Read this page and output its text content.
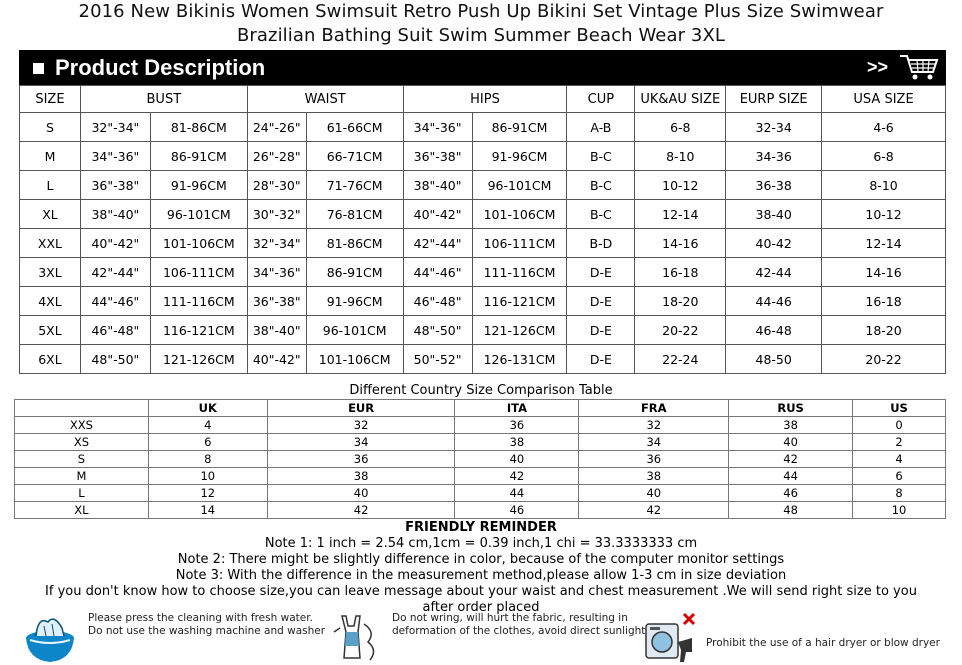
2016 New Bikinis Women Swimsuit Retro Push Up Bikini Set Vintage Plus Size Swimwear
Brazilian Bathing Suit Swim Summer Beach Wear 3XL
Product Description	>>
SIZE	BUST		WAIST		HIPS		CUP	UK&AU SIZE	EURP SIZE	USA SIZE
S	32"-34"	81-86CM	24"-26"	61-66CM	34"-36"	86-91CM	A-B	6-8	32-34	4-6
M	34"-36"	86-91CM	26"-28"	66-71CM	36"-38"	91-96CM	B-C	8-10	34-36	6-8
L	36"-38"	91-96CM	28"-30"	71-76CM	38"-40"	96-101CM	B-C	10-12	36-38	8-10
XL	38"-40"	96-101CM	30"-32"	76-81CM	40"-42"	101-106CM	B-C	12-14	38-40	10-12
XXL	40"-42"	101-106CM	32"-34"	81-86CM	42"-44"	106-111CM	B-D	14-16	40-42	12-14
3XL	42"-44"	106-111CM	34"-36"	86-91CM	44"-46"	111-116CM	D-E	16-18	42-44	14-16
4XL	44"-46"	111-116CM	36"-38"	91-96CM	46"-48"	116-121CM	D-E	18-20	44-46	16-18
5XL	46"-48"	116-121CM	38"-40"	96-101CM	48"-50"	121-126CM	D-E	20-22	46-48	18-20
6XL	48"-50"	121-126CM	40"-42"	101-106CM	50"-52"	126-131CM	D-E	22-24	48-50	20-22
Different Country Size Comparison Table
	UK	EUR	ITA	FRA	RUS	US
XXS	4	32	36	32	38	0
XS	6	34	38	34	40	2
S	8	36	40	36	42	4
M	10	38	42	38	44	6
L	12	40	44	40	46	8
XL	14	42	46	42	48	10
FRIENDLY REMINDER
Note 1: 1 inch = 2.54 cm,1cm = 0.39 inch,1 chi = 33.3333333 cm
Note 2: There might be slightly difference in color, because of the computer monitor settings
Note 3: With the difference in the measurement method,please allow 1-3 cm in size deviation
If you don't know how to choose size,you can leave message about your waist and chest measurement .We will send right size to you
after order placed
Please press the cleaning with fresh water.
Do not use the washing machine and washer
Do not wring, will hurt the fabric, resulting in
deformation of the clothes, avoid direct sunlight
Prohibit the use of a hair dryer or blow dryer
